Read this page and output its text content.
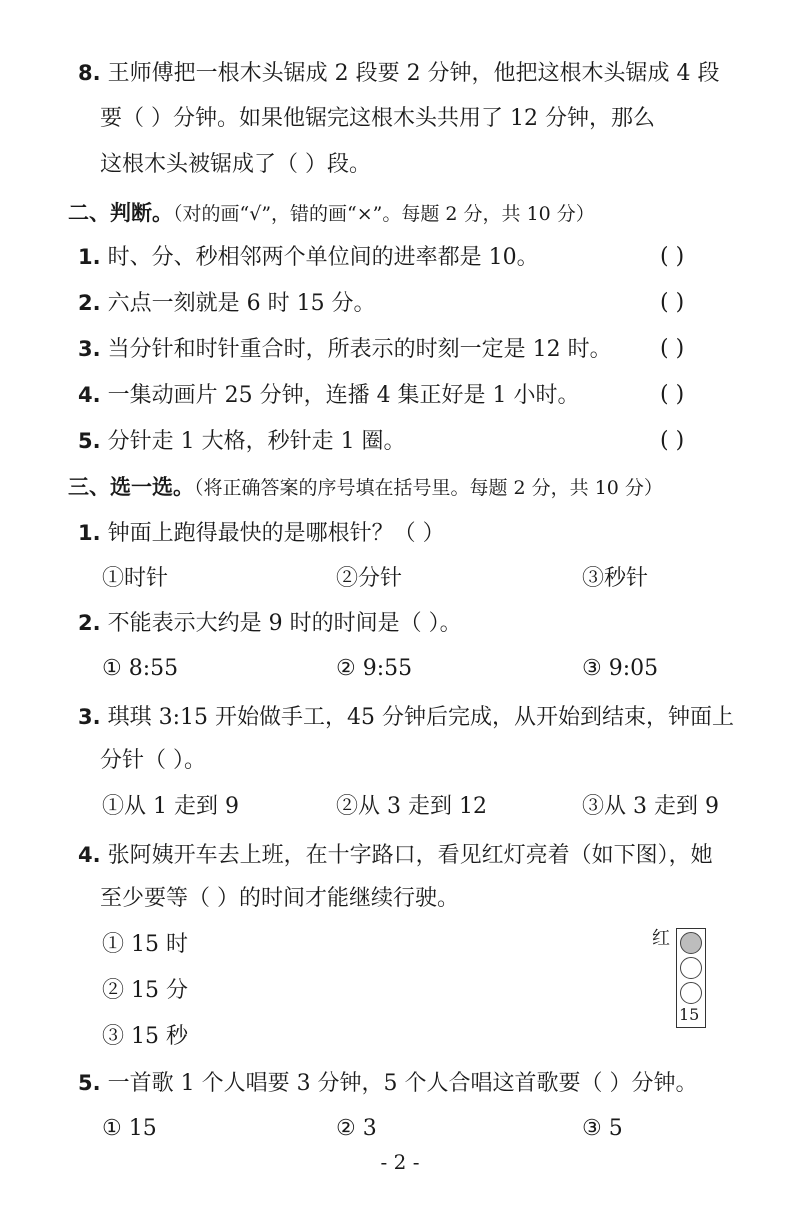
8. 王师傅把一根木头锯成 2 段要 2 分钟，他把这根木头锯成 4 段
要（ ）分钟。如果他锯完这根木头共用了 12 分钟，那么
这根木头被锯成了（ ）段。
二、判断。（对的画“√”，错的画“×”。每题 2 分，共 10 分）
1. 时、分、秒相邻两个单位间的进率都是 10。	( )
2. 六点一刻就是 6 时 15 分。	( )
3. 当分针和时针重合时，所表示的时刻一定是 12 时。 ( )
4. 一集动画片 25 分钟，连播 4 集正好是 1 小时。	( )
5. 分针走 1 大格，秒针走 1 圈。	( )
三、选一选。（将正确答案的序号填在括号里。每题 2 分，共 10 分）
1. 钟面上跑得最快的是哪根针？（ ）
①时针	②分针	③秒针
2. 不能表示大约是 9 时的时间是（ ）。
① 8:55	② 9:55	③ 9:05
3. 琪琪 3:15 开始做手工，45 分钟后完成，从开始到结束，钟面上
分针（ ）。
①从 1 走到 9	②从 3 走到 12	③从 3 走到 9
4. 张阿姨开车去上班，在十字路口，看见红灯亮着（如下图），她
至少要等（ ）的时间才能继续行驶。
① 15 时
② 15 分
③ 15 秒
红
15
5. 一首歌 1 个人唱要 3 分钟，5 个人合唱这首歌要（ ）分钟。
① 15	② 3	③ 5
- 2 -
